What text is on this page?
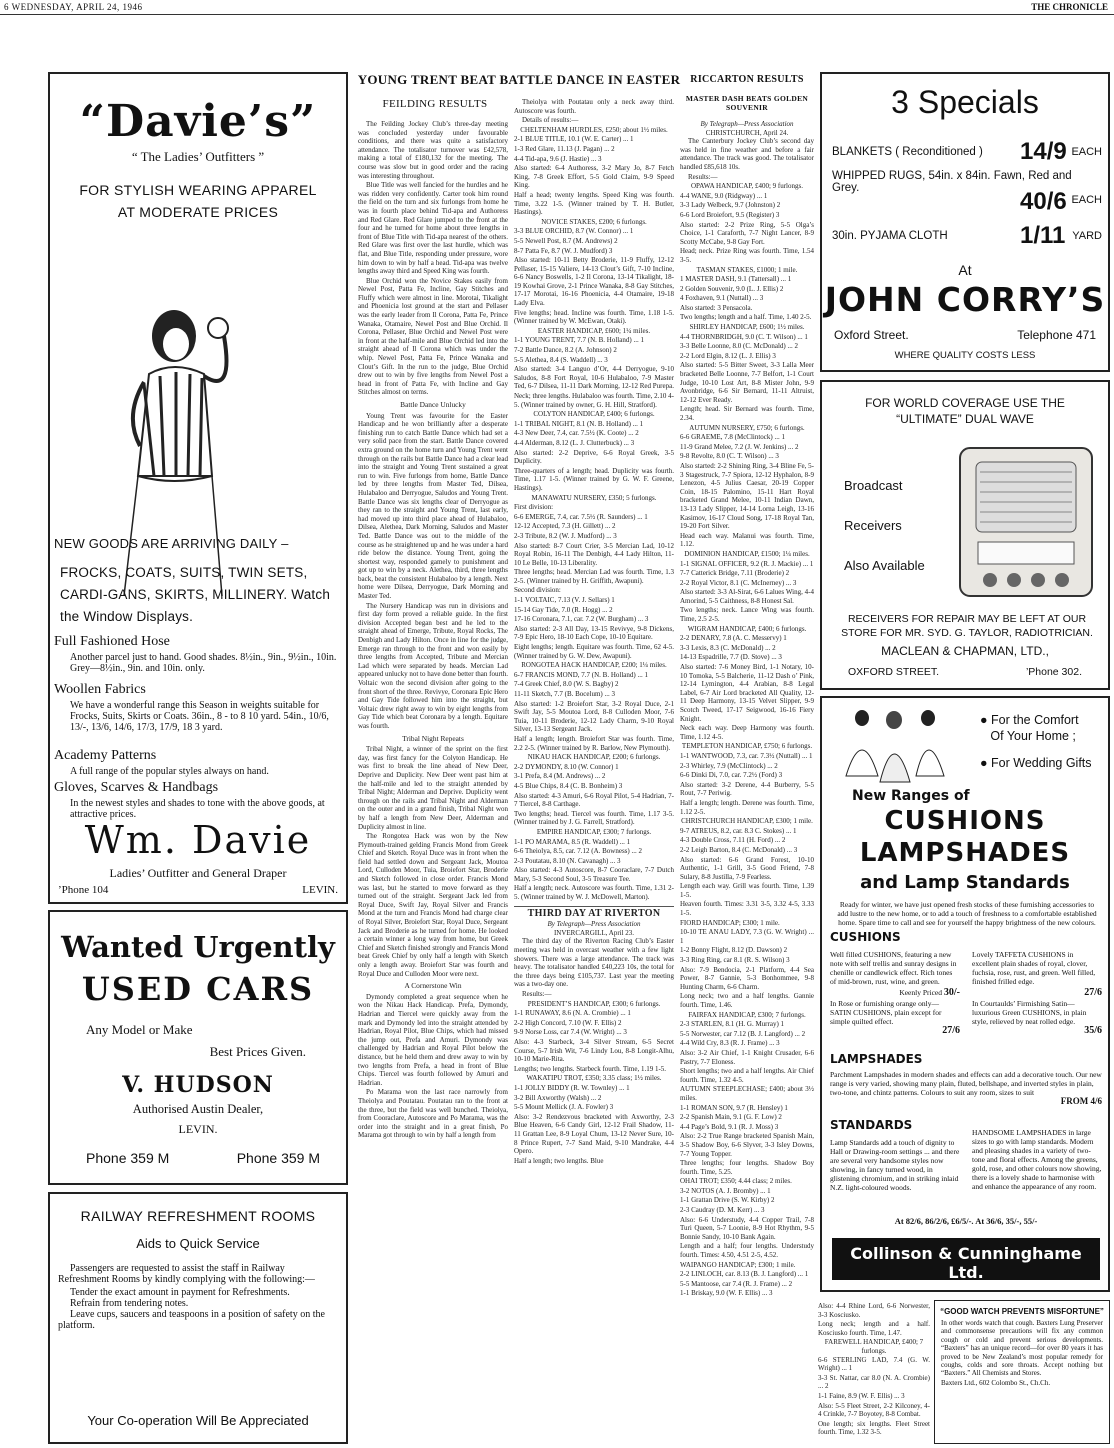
6 WEDNESDAY, APRIL 24, 1946	THE CHRONICLE
“Davie’s”
“ The Ladies’ Outfitters ”
FOR STYLISH WEARING APPAREL
AT MODERATE PRICES
NEW GOODS ARE ARRIVING DAILY –
FROCKS, COATS, SUITS, TWIN SETS, CARDI-GANS, SKIRTS, MILLINERY. Watch the Window Displays.
Full Fashioned Hose
Another parcel just to hand. Good shades. 8½in., 9in., 9½in., 10in. Grey—8½in., 9in. and 10in. only.
Woollen Fabrics
We have a wonderful range this Season in weights suitable for Frocks, Suits, Skirts or Coats. 36in., 8 - to 8 10 yard. 54in., 10/6, 13/-, 13/6, 14/6, 17/3, 17/9, 18 3 yard.
Academy Patterns
A full range of the popular styles always on hand.
Gloves, Scarves & Handbags
In the newest styles and shades to tone with the above goods, at attractive prices.
Wm. Davie
Ladies’ Outfitter and General Draper
’Phone 104	LEVIN.
Wanted Urgently
USED CARS
Any Model or Make
Best Prices Given.
V. HUDSON
Authorised Austin Dealer,
LEVIN.
Phone 359 M	Phone 359 M
RAILWAY REFRESHMENT ROOMS
Aids to Quick Service
Passengers are requested to assist the staff in Railway Refreshment Rooms by kindly complying with the following:—
Tender the exact amount in payment for Refreshments.
Refrain from tendering notes.
Leave cups, saucers and teaspoons in a position of safety on the platform.
Your Co-operation Will Be Appreciated
YOUNG TRENT BEAT BATTLE DANCE IN EASTER
FEILDING RESULTS

The Feilding Jockey Club’s three-day meeting was concluded yesterday under favourable conditions, and there was quite a satisfactory attendance. The totalisator turnover was £42,578, making a total of £180,132 for the meeting. The course was slow but in good order and the racing was interesting throughout.

Blue Title was well fancied for the hurdles and he was ridden very confidently. Carter took him round the field on the turn and six furlongs from home he was in fourth place behind Tid-apa and Authoress and Red Glare. Red Glare jumped to the front at the four and he turned for home about three lengths in front of Blue Title with Tid-apa nearest of the others. Red Glare was first over the last hurdle, which was flat, and Blue Title, responding under pressure, wore him down to win by half a head. Tid-apa was twelve lengths away third and Speed King was fourth.

Blue Orchid won the Novice Stakes easily from Newel Post, Patta Fe, Incline, Gay Stitches and Fluffy which were almost in line. Morotai, Tikalight and Phoenicia lost ground at the start and Pellaser was the early leader from Il Corona, Patta Fe, Prince Wanaka, Otamaire, Newel Post and Blue Orchid. Il Corona, Pellaser, Blue Orchid and Newel Post were in front at the half-mile and Blue Orchid led into the straight ahead of Il Corona which was under the whip. Newel Post, Patta Fe, Prince Wanaka and Clout’s Gift. In the run to the judge, Blue Orchid drew out to win by five lengths from Newel Post a head in front of Patta Fe, with Incline and Gay Stitches almost on terms.

Battle Dance Unlucky

Young Trent was favourite for the Easter Handicap and he won brilliantly after a desperate finishing run to catch Battle Dance which had set a very solid pace from the start. Battle Dance covered extra ground on the home turn and Young Trent went through on the rails but Battle Dance had a clear lead into the straight and Young Trent sustained a great run to win. Five furlongs from home, Battle Dance led by three lengths from Master Ted, Dilsea, Hulabaloo and Derryogue, Saludos and Young Trent. Battle Dance was six lengths clear of Derryogue as they ran to the straight and Young Trent, last early, had moved up into third place ahead of Hulabaloo, Dilsea, Alethea, Dark Morning, Saludos and Master Ted. Battle Dance was out to the middle of the course as he straightened up and he was under a hard ride below the distance. Young Trent, going the shortest way, responded gamely to punishment and got up to win by a neck. Alethea, third, three lengths back, beat the consistent Hulabaloo by a length. Next home were Dilsea, Derryogue, Dark Morning and Master Ted.

The Nursery Handicap was run in divisions and first day form proved a reliable guide. In the first division Accepted began best and he led to the straight ahead of Emerge, Tribute, Royal Rocks, The Denbigh and Lady Hilton. Once in line for the judge, Emerge ran through to the front and won easily by three lengths from Accepted, Tribute and Mercian Lad which were separated by heads. Mercian Lad appeared unlucky not to have done better than fourth. Voltaic won the second division after going to the front short of the three. Revivye, Coronara Epic Hero and Gay Tide followed him into the straight, but Voltaic drew right away to win by eight lengths from Gay Tide which beat Coronara by a length. Equitare was fourth.

Tribal Night Repeats

Tribal Night, a winner of the sprint on the first day, was first fancy for the Colyton Handicap. He was first to break the line ahead of New Deer, Deprive and Duplicity. New Deer went past him at the half-mile and led to the straight attended by Tribal Night; Alderman and Deprive. Duplicity went through on the rails and Tribal Night and Alderman on the outer and in a grand finish, Tribal Night won by half a length from New Deer, Alderman and Duplicity almost in line.

The Rongotea Hack was won by the New Plymouth-trained gelding Francis Mond from Greek Chief and Sketch. Royal Duce was in front when the field had settled down and Sergeant Jack, Moutoa Lord, Culloden Moor, Tuia, Broiefort Star, Broderie and Sketch followed in close order. Francis Mond was last, but he started to move forward as they turned out of the straight. Sergeant Jack led from Royal Duce, Swift Jay, Royal Silver and Francis Mond at the turn and Francis Mond had charge clear of Royal Silver, Broiefort Star, Royal Duce, Sergeant Jack and Broderie as he turned for home. He looked a certain winner a long way from home, but Greek Chief and Sketch finished strongly and Francis Mond beat Greek Chief by only half a length with Sketch only a length away. Broiefort Star was fourth and Royal Duce and Culloden Moor were next.

A Cornerstone Win

Dymondy completed a great sequence when he won the Nikau Hack Handicap. Prefa, Dymondy, Hadrian and Tiercel were quickly away from the mark and Dymondy led into the straight attended by Hadrian, Royal Pilot, Blue Chips, which had missed the jump out, Prefa and Amuri. Dymondy was challenged by Hadrian and Royal Pilot below the distance, but he held them and drew away to win by two lengths from Prefa, a head in front of Blue Chips. Tiercel was fourth followed by Amuri and Hadrian.

Po Marama won the last race narrowly from Theiolya and Poutatau. Poutatau ran to the front at the three, but the field was well bunched. Theiolya, from Cooraclare, Autoscore and Po Marama, was the order into the straight and in a great finish, Po Marama got through to win by half a length from

Theiolya with Poutatau only a neck away third. Autoscore was fourth.

Details of results:—

CHELTENHAM HURDLES, £250; about 1½ miles.

2-1 BLUE TITLE, 10.1 (W. E. Carter) ... 1

1-3 Red Glare, 11.13 (J. Pagan) ... 2

4-4 Tid-apa, 9.6 (J. Hastie) ... 3

Also started: 6-4 Authoress, 3-2 Mary Jo, 8-7 Fetch King, 7-8 Greek Effort, 5-5 Gold Claim, 9-9 Speed King.

Half a head; twenty lengths. Speed King was fourth. Time, 3.22 1-5. (Winner trained by T. H. Butler, Hastings).

NOVICE STAKES, £200; 6 furlongs.

3-3 BLUE ORCHID, 8.7 (W. Connor) ... 1

5-5 Newell Post, 8.7 (M. Andrews) 2

8-7 Patta Fe, 8.7 (W. J. Mudford) 3

Also started: 10-11 Betty Broderie, 11-9 Fluffy, 12-12 Pellaser, 15-15 Valiere, 14-13 Clout’s Gift, 7-10 Incline, 6-6 Nancy Boswells, 1-2 Il Corona, 13-14 Tikalight, 18-19 Kowhai Grove, 2-1 Prince Wanaka, 8-8 Gay Stitches, 17-17 Morotai, 16-16 Phoenicia, 4-4 Otamaire, 19-18 Lady Elva.

Five lengths; head. Incline was fourth. Time, 1.18 1-5. (Winner trained by W. McEwan, Otaki).

EASTER HANDICAP, £600; 1¼ miles.

1-1 YOUNG TRENT, 7.7 (N. B. Holland) ... 1

7-2 Battle Dance, 8.2 (A. Johnson) 2

5-5 Alethea, 8.4 (S. Waddell) ... 3

Also started: 3-4 Languo d’Or, 4-4 Derryogue, 9-10 Saludos, 8-8 Fort Royal, 10-6 Hulabaloo, 7-9 Master Ted, 6-7 Dilsea, 11-11 Dark Morning, 12-12 Red Purepa.

Neck; three lengths. Hulabaloo was fourth. Time, 2.10 4-5. (Winner trained by owner, G. H. Hill, Stratford).

COLYTON HANDICAP, £400; 6 furlongs.

1-1 TRIBAL NIGHT, 8.1 (N. B. Holland) ... 1

4-3 New Deer, 7.4, car. 7.5½ (K. Coote) ... 2

4-4 Alderman, 8.12 (L. J. Clutterbuck) ... 3

Also started: 2-2 Deprive, 6-6 Royal Greek, 3-5 Duplicity.

Three-quarters of a length; head. Duplicity was fourth. Time, 1.17 1-5. (Winner trained by G. W. F. Greene, Hastings).

MANAWATU NURSERY, £350; 5 furlongs.

First division:

6-6 EMERGE, 7.4, car. 7.5½ (R. Saunders) ... 1

12-12 Accepted, 7.3 (H. Gillett) ... 2

2-3 Tribute, 8.2 (W. J. Mudford) ... 3

Also started: 8-7 Court Crier, 3-5 Mercian Lad, 10-12 Royal Robin, 16-11 The Denbigh, 4-4 Lady Hilton, 11-10 Le Belle, 10-13 Liberality.

Three lengths; head. Mercian Lad was fourth. Time, 1.3 2-5. (Winner trained by H. Griffith, Awapuni).

Second division:

1-1 VOLTAIC, 7.13 (V. J. Sellars) 1

15-14 Gay Tide, 7.0 (R. Hogg) ... 2

17-16 Coronara, 7.1, car. 7.2 (W. Burgham) ... 3

Also started: 2-3 All Day, 13-15 Revivye, 9-8 Dickens, 7-9 Epic Hero, 18-10 Each Cope, 10-10 Equitare.

Eight lengths; length. Equitare was fourth. Time, 62 4-5. (Winner trained by G. W. Dew, Awapuni).

RONGOTEA HACK HANDICAP, £200; 1¼ miles.

6-7 FRANCIS MOND, 7.7 (N. B. Holland) ... 1

7-4 Greek Chief, 8.0 (W. S. Bagby) 2

11-11 Sketch, 7.7 (B. Bocelum) ... 3

Also started: 1-2 Broiefort Star, 3-2 Royal Duce, 2-1 Swift Jay, 5-5 Moutoa Lord, 8-8 Culloden Moor, 7-6 Tuia, 10-11 Broderie, 12-12 Lady Charm, 9-10 Royal Silver, 13-13 Sergeant Jack.

Half a length; length. Broiefort Star was fourth. Time, 2.2 2-5. (Winner trained by R. Barlow, New Plymouth).

NIKAU HACK HANDICAP, £200; 6 furlongs.

2-2 DYMONDY, 8.10 (W. Connor) 1

3-1 Prefa, 8.4 (M. Andrews) ... 2

4-5 Blue Chips, 8.4 (C. B. Bonheim) 3

Also started: 4-3 Amuri, 6-6 Royal Pilot, 5-4 Hadrian, 7-7 Tiercel, 8-8 Carthage.

Two lengths; head. Tiercel was fourth. Time, 1.17 3-5. (Winner trained by J. G. Farrell, Stratford).

EMPIRE HANDICAP, £300; 7 furlongs.

1-1 PO MARAMA, 8.5 (R. Waddell) ... 1

6-6 Theiolya, 8.5, car. 7.12 (A. Bowness) ... 2

2-3 Poutatau, 8.10 (N. Cavanagh) ... 3

Also started: 4-3 Autoscore, 8-7 Cooraclare, 7-7 Dutch Mary, 5-3 Second Soul, 3-5 Treasure Tee.

Half a length; neck. Autoscore was fourth. Time, 1.31 2-5. (Winner trained by W. J. McDowell, Marton).

THIRD DAY AT RIVERTON
By Telegraph—Press Association
INVERCARGILL, April 23.

The third day of the Riverton Racing Club’s Easter meeting was held in overcast weather with a few light showers. There was a large attendance. The track was heavy. The totalisator handled £40,223 10s, the total for the three days being £105,737. Last year the meeting was a two-day one.

Results:—

PRESIDENT’S HANDICAP, £300; 6 furlongs.

1-1 RUNAWAY, 8.6 (N. A. Crombie) ... 1

2-2 High Concord, 7.10 (W. F. Ellis) 2

9-9 Norse Loss, car 7.4 (W. Wright) ... 3

Also: 4-3 Starbeck, 3-4 Silver Stream, 6-5 Secret Course, 5-7 Irish Wit, 7-6 Lindy Lou, 8-8 Longit-Alhu, 10-10 Marie-Rita.

Lengths; two lengths. Starbeck fourth. Time, 1.19 1-5.

WAKATIPU TROT, £350; 3.35 class; 1½ miles.

1-1 JOLLY BIDDY (R. W. Townley) ... 1

3-2 Bill Axworthy (Walsh) ... 2

5-5 Mount Mellick (J. A. Fowler) 3

Also: 3-2 Rendezvous bracketed with Axworthy, 2-3 Blue Heaven, 6-6 Candy Girl, 12-12 Frail Shadow, 11-11 Grattan Lee, 8-9 Loyal Chum, 13-12 Never Sure, 10-8 Prince Rupert, 7-7 Sand Maid, 9-10 Mandrake, 4-4 Opero.

Half a length; two lengths. Blue

RICCARTON RESULTS
MASTER DASH BEATS GOLDEN SOUVENIR
By Telegraph—Press Association
CHRISTCHURCH, April 24.

The Canterbury Jockey Club’s second day was held in fine weather and before a fair attendance. The track was good. The totalisator handled £85,618 10s.

Results:—

OPAWA HANDICAP, £400; 9 furlongs.

4-4 WANE, 9.0 (Ridgway) ... 1

3-3 Lady Welbeck, 9.7 (Johnston) 2

6-6 Lord Broiefort, 9.5 (Register) 3

Also started: 2-2 Prize Ring, 5-5 Olga’s Choice, 1-1 Caraforth, 7-7 Night Lancer, 8-9 Scotty McCabe, 9-8 Gay Fort.

Head; neck. Prize Ring was fourth. Time, 1.54 3-5.

TASMAN STAKES, £1000; 1 mile.

1 MASTER DASH, 9.1 (Tattersall) ... 1

2 Golden Souvenir, 9.0 (L. J. Ellis) 2

4 Foxhaven, 9.1 (Nuttall) ... 3

Also started: 3 Pensacola.

Two lengths; length and a half. Time, 1.40 2-5.

SHIRLEY HANDICAP, £600; 1½ miles.

4-4 THORNBRIDGH, 9.0 (C. T. Wilson) ... 1

3-3 Belle Loonne, 8.0 (C. McDonald) ... 2

2-2 Lord Elgin, 8.12 (L. J. Ellis) 3

Also started: 5-5 Bitter Sweet, 3-3 Lalla Meer bracketed Belle Loonne, 7-7 Belfort, 1-1 Court Judge, 10-10 Lost Art, 8-8 Mister John, 9-9 Avonbridge, 6-6 Sir Bernard, 11-11 Altruist, 12-12 Ever Ready.

Length; head. Sir Bernard was fourth. Time, 2.34.

AUTUMN NURSERY, £750; 6 furlongs.

6-6 GRAEME, 7.8 (McClintock) ... 1

11-9 Grand Melee, 7.2 (J. W. Jenkins) ... 2

9-8 Revolte, 8.0 (C. T. Wilson) ... 3

Also started: 2-2 Shining Ring, 3-4 Bline Fe, 5-3 Stagestruck, 7-7 Spiora, 12-12 Hyphalon, 8-9 Lenezon, 4-5 Julius Caesar, 20-19 Copper Coin, 18-15 Palomino, 15-11 Hart Royal bracketed Grand Melee, 10-11 Indian Dawn, 13-13 Lady Slipper, 14-14 Lorna Leigh, 13-16 Kasimov, 16-17 Cloud Song, 17-18 Royal Tan, 19-20 Fort Silver.

Head each way. Malanui was fourth. Time, 1.12.

DOMINION HANDICAP, £1500; 1¼ miles.

1-1 SIGNAL OFFICER, 9.2 (R. J. Mackie) ... 1

7-7 Catterick Bridge, 7.11 (Broderie) 2

2-2 Royal Victor, 8.1 (C. McInerney) ... 3

Also started: 3-3 Al-Sirat, 6-6 Lalues Wing, 4-4 Amorind, 5-5 Caithness, 8-8 Honest Sal.

Two lengths; neck. Lance Wing was fourth. Time, 2.5 2-5.

WIGRAM HANDICAP, £400; 6 furlongs.

2-2 DENARY, 7.8 (A. C. Messervy) 1

3-3 Lexis, 8.3 (C. McDonald) ... 2

14-13 Espadrille, 7.7 (D. Stove) ... 3

Also started: 7-6 Money Bird, 1-1 Notary, 10-10 Tomoka, 5-5 Balcherie, 11-12 Dash o’ Pink, 12-14 Lymington, 4-4 Arabian, 8-8 Legal Label, 6-7 Air Lord bracketed All Quality, 12-11 Deep Harmony, 13-15 Velvet Slipper, 9-9 Scotch Tweed, 17-17 Seigwood, 16-16 Fiery Knight.

Neck each way. Deep Harmony was fourth. Time, 1.12 4-5.

TEMPLETON HANDICAP, £750; 6 furlongs.

1-1 WANTWOOD, 7.3, car. 7.3½ (Nuttall) ... 1

2-3 Whirley, 7.9 (McClintock) ... 2

6-6 Dinki Di, 7.0, car. 7.2½ (Ford) 3

Also started: 3-2 Derene, 4-4 Burberry, 5-5 Rout, 7-7 Periwig.

Half a length; length. Derene was fourth. Time, 1.12 2-5.

CHRISTCHURCH HANDICAP, £300; 1 mile.

9-7 ATREUS, 8.2, car. 8.3 C. Stokes) ... 1

4-3 Double Cross, 7.11 (H. Ford) ... 2

2-2 Leigh Barton, 8.4 (C. McDonald) ... 3

Also started: 6-6 Grand Forest, 10-10 Authentic, 1-1 Grill, 3-5 Good Friend, 7-8 Sulary, 8-8 Justilla, 7-9 Fearless.

Length each way. Grill was fourth. Time, 1.39 1-5.

Heaven fourth. Times: 3.31 3-5, 3.32 4-5, 3.33 1-5.

FIORD HANDICAP; £300; 1 mile.

10-10 TE ANAU LADY, 7.3 (G. W. Wright) ... 1

1-2 Bonny Flight, 8.12 (D. Dawson) 2

3-3 Ring Ring, car 8.1 (R. S. Wilson) 3

Also: 7-9 Bendocia, 2-1 Platform, 4-4 Sea Power, 8-7 Gannie, 5-3 Bonhommee, 9-8 Hunting Charm, 6-6 Charm.

Long neck; two and a half lengths. Gannie fourth. Time, 1.46.

FAIRFAX HANDICAP, £300; 7 furlongs.

2-3 STARLEN, 8.1 (H. G. Murray) 1

5-5 Norwester, car 7.12 (B. J. Langford) ... 2

4-4 Wild Cry, 8.3 (R. J. Frame) ... 3

Also: 3-2 Air Chief, 1-1 Knight Crusader, 6-6 Pastry, 7-7 Eloness.

Short lengths; two and a half lengths. Air Chief fourth. Time, 1.32 4-5.

AUTUMN STEEPLECHASE; £400; about 3½ miles.

1-1 ROMAN SON, 9.7 (R. Hensley) 1

2-2 Spanish Main, 9.1 (G. F. Low) 2

4-4 Page’s Bold, 9.1 (R. J. Moss) 3

Also: 2-2 True Range bracketed Spanish Main, 3-5 Shadow Boy, 6-6 Slyver, 3-3 Isley Downs, 7-7 Young Topper.

Three lengths; four lengths. Shadow Boy fourth. Time, 5.25.

OHAI TROT; £350; 4.44 class; 2 miles.

3-2 NOTOS (A. J. Bromby) ... 1

1-1 Grattan Drive (S. W. Kirby) 2

2-3 Caudray (D. M. Kerr) ... 3

Also: 6-6 Understudy, 4-4 Copper Trail, 7-8 Turi Queen, 5-7 Loonie, 8-9 Hot Rhythm, 9-5 Bonnie Sandy, 10-10 Bank Again.

Length and a half; four lengths. Understudy fourth. Times: 4.50, 4.51 2-5, 4.52.

WAIPANGO HANDICAP; £300; 1 mile.

2-2 LINLOCH, car. 8.13 (B. J. Langford) ... 1

5-5 Mantoose, car 7.4 (R. J. Frame) ... 2

1-1 Briskay, 9.0 (W. F. Ellis) ... 3

Also: 4-4 Rhine Lord, 6-6 Norwester, 3-3 Kosciusko.

Long neck; length and a half. Kosciusko fourth. Time, 1.47.

FAREWELL HANDICAP, £400; 7 furlongs.

6-6 STERLING LAD, 7.4 (G. W. Wright) ... 1

3-3 St. Nattar, car 8.0 (N. A. Crombie) ... 2

1-1 Faine, 8.9 (W. F. Ellis) ... 3

Also: 5-5 Fleet Street, 2-2 Kilconey, 4-4 Crinkle, 7-7 Boyotey, 8-8 Combat.

One length; six lengths. Fleet Street fourth. Time, 1.32 3-5.

3 Specials
BLANKETS ( Reconditioned ) 14/9 EACH
WHIPPED RUGS, 54in. x 84in. Fawn, Red and Grey.	40/6 EACH
30in. PYJAMA CLOTH	1/11 YARD
At
JOHN CORRY’S
Oxford Street.	Telephone 471
WHERE QUALITY COSTS LESS
FOR WORLD COVERAGE USE THE
“ULTIMATE” DUAL WAVE
Broadcast
Receivers
Also Available
RECEIVERS FOR REPAIR MAY BE LEFT AT OUR STORE FOR MR. SYD. G. TAYLOR, RADIOTRICIAN.
MACLEAN & CHAPMAN, LTD.,
OXFORD STREET.	’Phone 302.
● For the Comfort
Of Your Home ;
● For Wedding Gifts
New Ranges of
CUSHIONS
LAMPSHADES
and Lamp Standards
Ready for winter, we have just opened fresh stocks of these furnishing accessories to add lustre to the new home, or to add a touch of freshness to a comfortable established home. Spare time to call and see for yourself the happy brightness of the new colours.
CUSHIONS
Well filled CUSHIONS, featuring a new note with self trellis and sunray designs in chenille or candlewick effect. Rich tones of mid-brown, rust, wine, and green.
Keenly Priced 30/-
In Rose or furnishing orange only—SATIN CUSHIONS, plain except for simple quilted effect.
27/6
Lovely TAFFETA CUSHIONS in excellent plain shades of royal, clover, fuchsia, rose, rust, and green. Well filled, finished frilled edge.
27/6
In Courtaulds’ Firmishing Satin—luxurious Green CUSHIONS, in plain style, relieved by neat rolled edge.
35/6
LAMPSHADES
Parchment Lampshades in modern shades and effects can add a decorative touch. Our new range is very varied, showing many plain, fluted, bellshape, and inverted styles in plain, two-tone, and chintz patterns. Colours to suit any room, sizes to suit
FROM 4/6
STANDARDS
Lamp Standards add a touch of dignity to Hall or Drawing-room settings ... and there are several very handsome styles now showing, in fancy turned wood, in glistening chromium, and in striking inlaid N.Z. light-coloured woods.
HANDSOME LAMPSHADES in large sizes to go with lamp standards. Modern and pleasing shades in a variety of two-tone and floral effects. Among the greens, gold, rose, and other colours now showing, there is a lovely shade to harmonise with and enhance the appearance of any room.
At 82/6, 86/2/6, £6/5/-. At 36/6, 35/-, 55/-
Collinson & Cunninghame Ltd.
The VALUE Centre of Broadway
“GOOD WATCH PREVENTS MISFORTUNE”
In other words watch that cough. Baxters Lung Preserver and commonsense precautions will fix any common cough or cold and prevent serious developments. “Baxters” has an unique record—for over 80 years it has proved to be New Zealand’s most popular remedy for coughs, colds and sore throats. Accept nothing but “Baxters.” All Chemists and Stores.
Baxters Ltd., 602 Colombo St., Ch.Ch.
